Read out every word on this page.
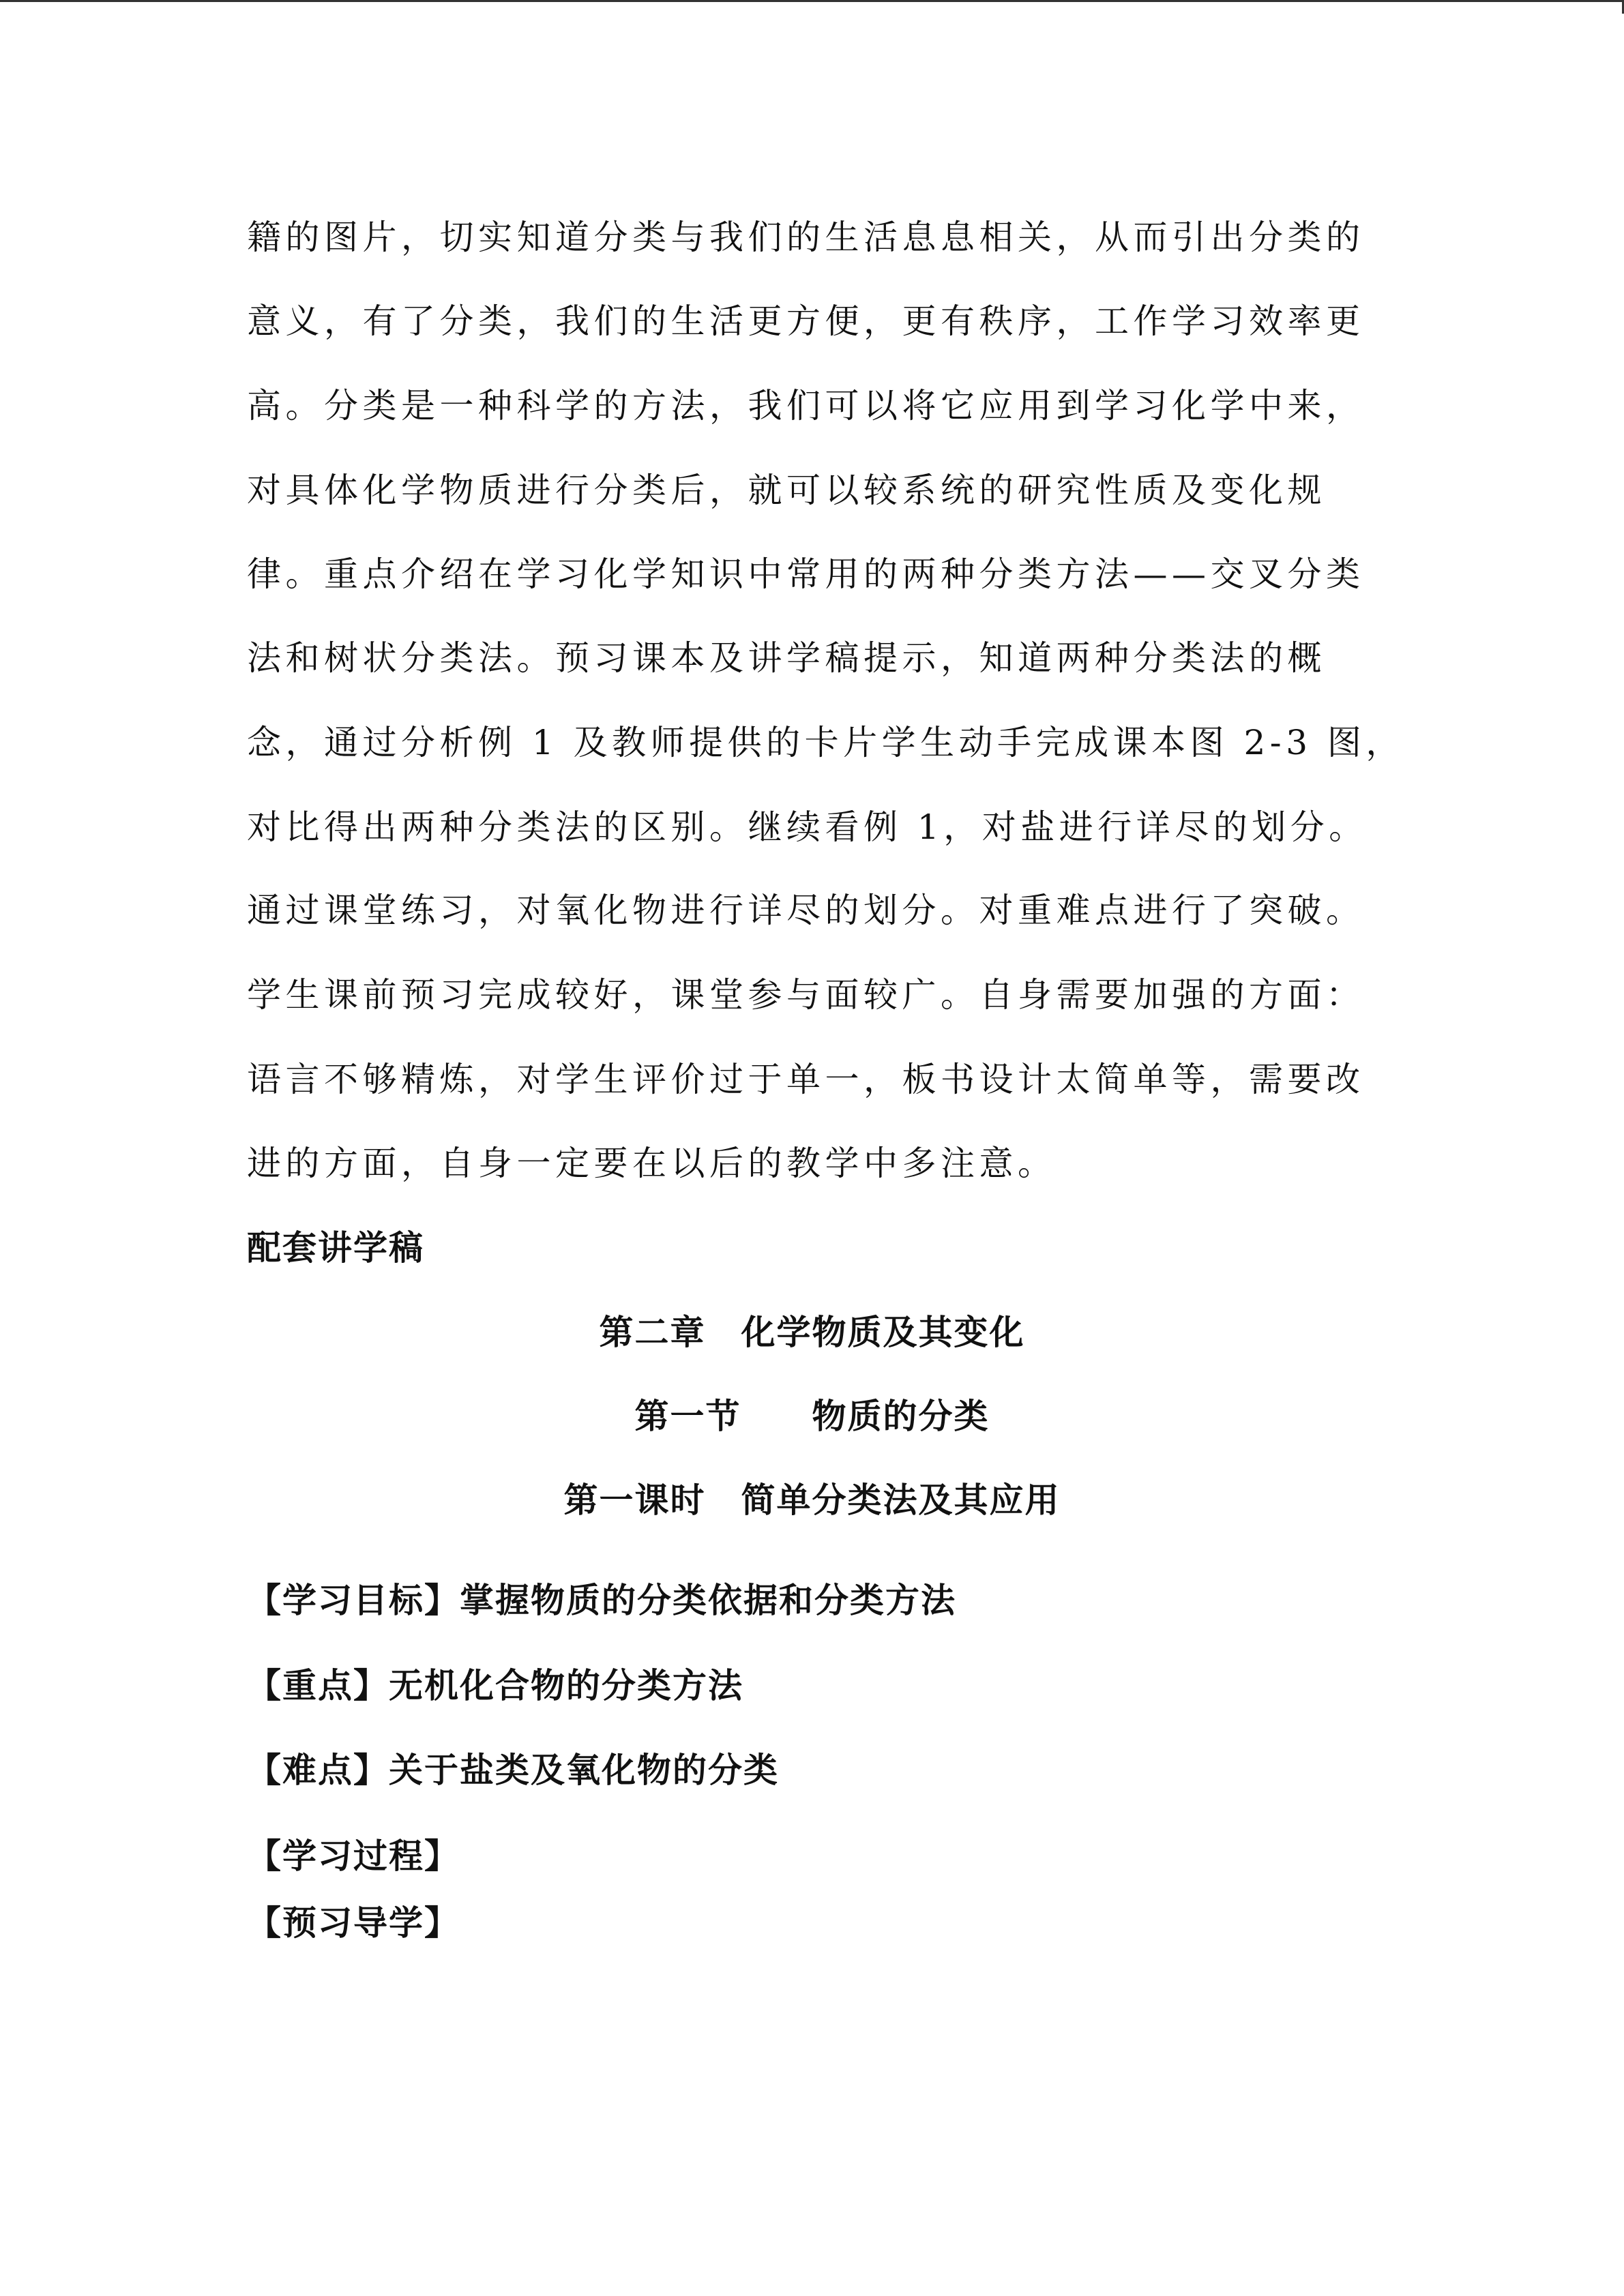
籍的图片，切实知道分类与我们的生活息息相关，从而引出分类的
意义，有了分类，我们的生活更方便，更有秩序，工作学习效率更
高。分类是一种科学的方法，我们可以将它应用到学习化学中来，
对具体化学物质进行分类后，就可以较系统的研究性质及变化规
律。重点介绍在学习化学知识中常用的两种分类方法——交叉分类
法和树状分类法。预习课本及讲学稿提示，知道两种分类法的概
念，通过分析例 1 及教师提供的卡片学生动手完成课本图 2-3 图，
对比得出两种分类法的区别。继续看例 1，对盐进行详尽的划分。
通过课堂练习，对氧化物进行详尽的划分。对重难点进行了突破。
学生课前预习完成较好，课堂参与面较广。自身需要加强的方面：
语言不够精炼，对学生评价过于单一，板书设计太简单等，需要改
进的方面，自身一定要在以后的教学中多注意。
配套讲学稿
第二章　化学物质及其变化
第一节　　物质的分类
第一课时　简单分类法及其应用
【学习目标】掌握物质的分类依据和分类方法
【重点】无机化合物的分类方法
【难点】关于盐类及氧化物的分类
【学习过程】
【预习导学】
